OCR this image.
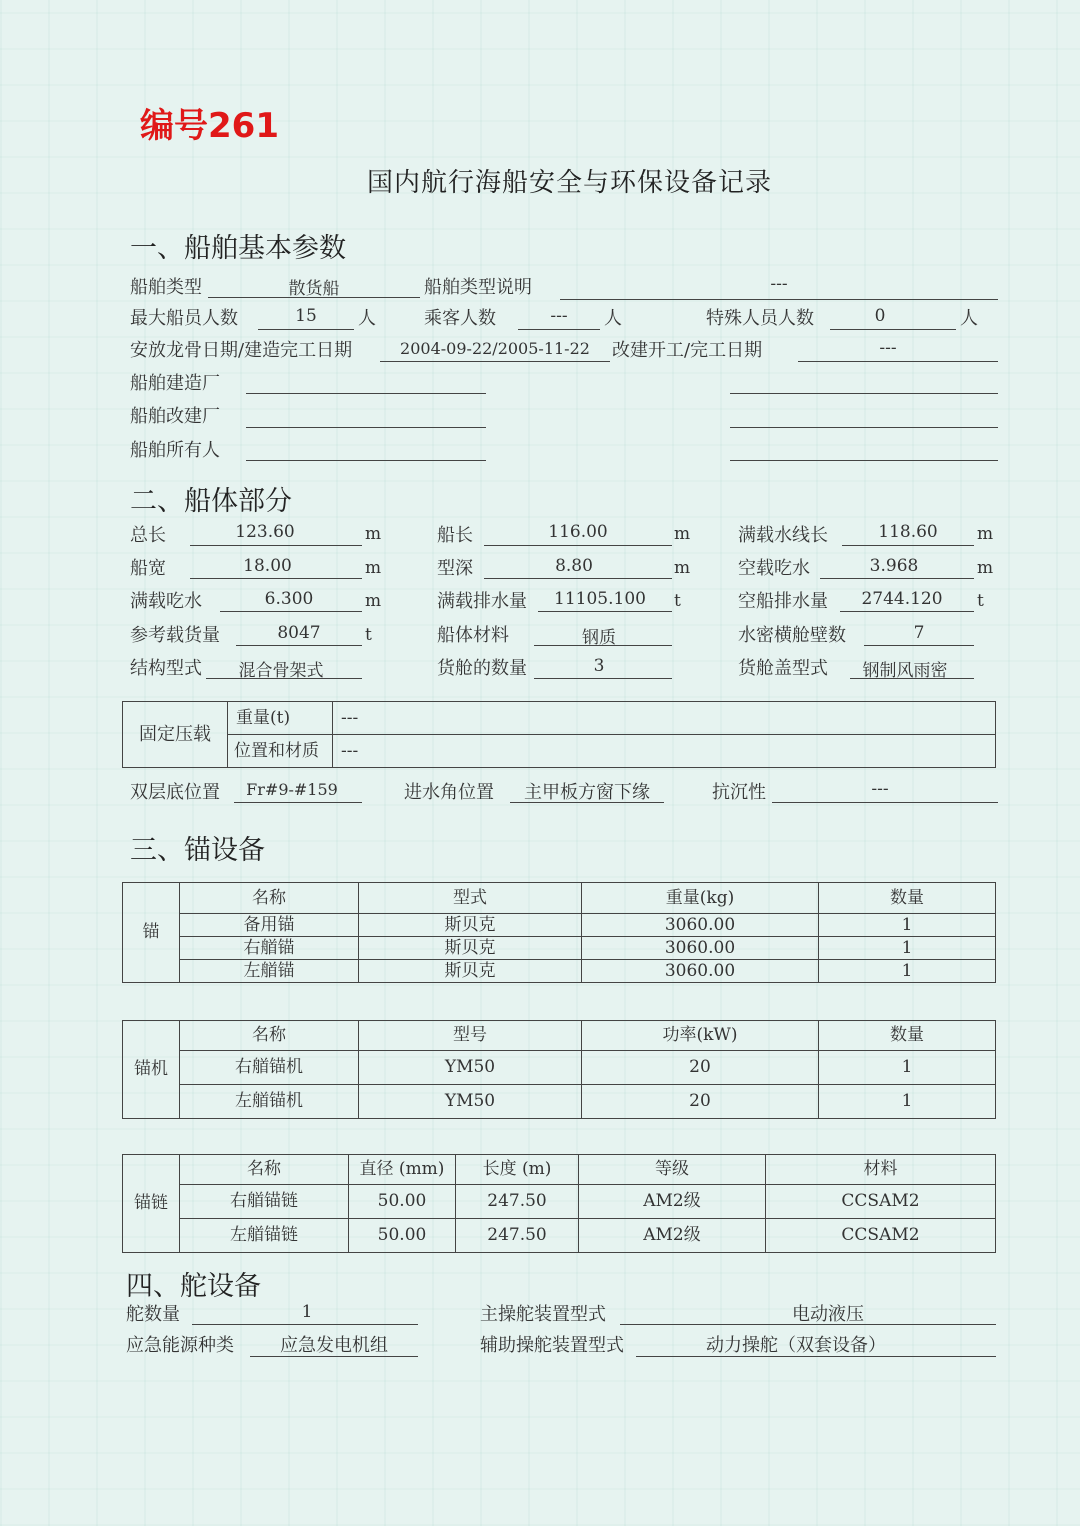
编号261
国内航行海船安全与环保设备记录
一、船舶基本参数
船舶类型	散货船	船舶类型说明	---
最大船员人数	15	人	乘客人数	---	人	特殊人员人数	0	人
安放龙骨日期/建造完工日期	2004-09-22/2005-11-22	改建开工/完工日期	---
船舶建造厂
船舶改建厂
船舶所有人
二、船体部分
总长	123.60	m	船长	116.00	m	满载水线长	118.60	m
船宽	18.00	m	型深	8.80	m	空载吃水	3.968	m
满载吃水	6.300	m	满载排水量	11105.100	t	空船排水量	2744.120	t
参考载货量	8047	t	船体材料	钢质	水密横舱壁数	7
结构型式	混合骨架式	货舱的数量	3	货舱盖型式	钢制风雨密
固定压载	重量(t)	---
	位置和材质	---
双层底位置	Fr#9-#159	进水角位置	主甲板方窗下缘	抗沉性	---
三、锚设备
锚	名称	型式	重量(kg)	数量
	备用锚	斯贝克	3060.00	1
	右艏锚	斯贝克	3060.00	1
	左艏锚	斯贝克	3060.00	1
锚机	名称	型号	功率(kW)	数量
	右艏锚机	YM50	20	1
	左艏锚机	YM50	20	1
锚链	名称	直径 (mm)	长度 (m)	等级	材料
	右艏锚链	50.00	247.50	AM2级	CCSAM2
	左艏锚链	50.00	247.50	AM2级	CCSAM2
四、舵设备
舵数量	1	主操舵装置型式	电动液压
应急能源种类	应急发电机组	辅助操舵装置型式	动力操舵（双套设备）
